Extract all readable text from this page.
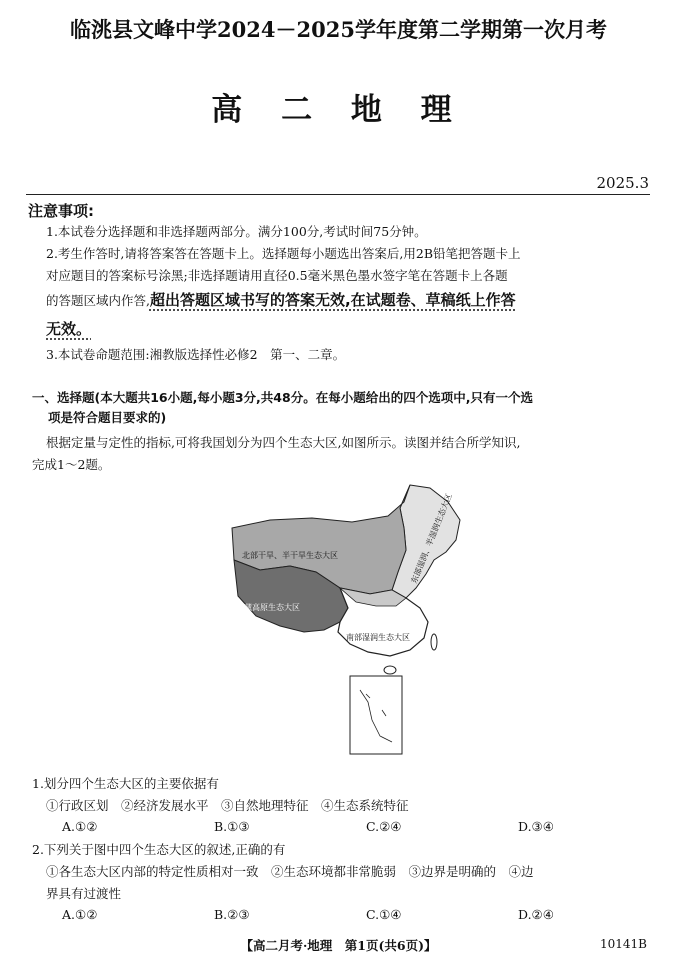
临洮县文峰中学2024－2025学年度第二学期第一次月考
高 二 地 理
2025.3
注意事项:
1.本试卷分选择题和非选择题两部分。满分100分,考试时间75分钟。
2.考生作答时,请将答案答在答题卡上。选择题每小题选出答案后,用2B铅笔把答题卡上
对应题目的答案标号涂黑;非选择题请用直径0.5毫米黑色墨水签字笔在答题卡上各题
的答题区域内作答,超出答题区域书写的答案无效,在试题卷、草稿纸上作答
无效。
3.本试卷命题范围:湘教版选择性必修2　第一、二章。
一、选择题(本大题共16小题,每小题3分,共48分。在每小题给出的四个选项中,只有一个选
项是符合题目要求的)
根据定量与定性的指标,可将我国划分为四个生态大区,如图所示。读图并结合所学知识,
完成1～2题。
北部干旱、半干旱生态大区
青藏高原生态大区
东部湿润、半湿润生态大区
南部湿润生态大区
1.划分四个生态大区的主要依据有
①行政区划　②经济发展水平　③自然地理特征　④生态系统特征
A.①②	B.①③	C.②④	D.③④
2.下列关于图中四个生态大区的叙述,正确的有
①各生态大区内部的特定性质相对一致　②生态环境都非常脆弱　③边界是明确的　④边
界具有过渡性
A.①②	B.②③	C.①④	D.②④
【高二月考·地理　第1页(共6页)】	10141B
